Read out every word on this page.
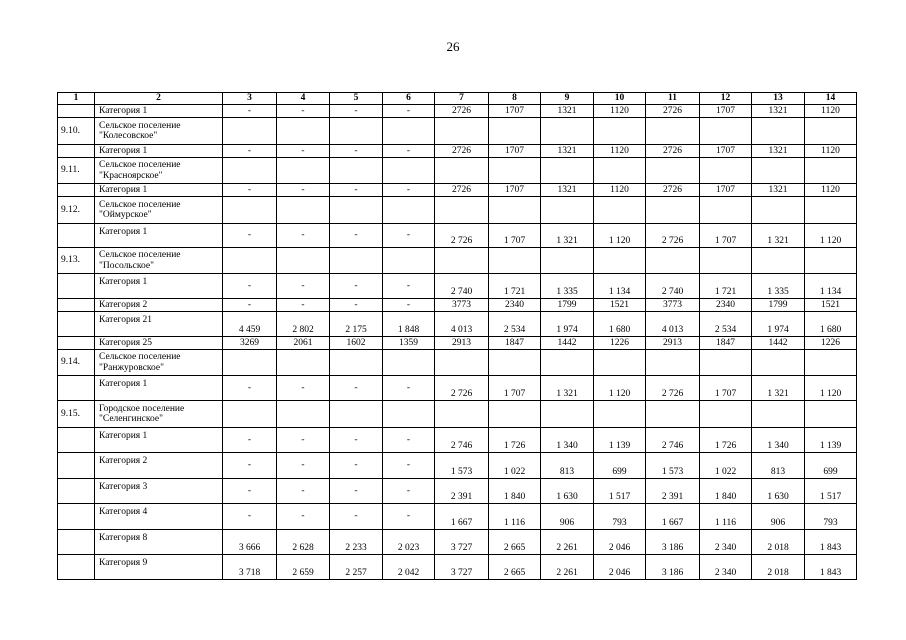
26
1	2	3	4	5	6	7	8	9	10	11	12	13	14
	Категория 1	-	-	-	-	2726	1707	1321	1120	2726	1707	1321	1120
9.10.	Сельское поселение "Колесовское"												
	Категория 1	-	-	-	-	2726	1707	1321	1120	2726	1707	1321	1120
9.11.	Сельское поселение "Красноярское"												
	Категория 1	-	-	-	-	2726	1707	1321	1120	2726	1707	1321	1120
9.12.	Сельское поселение "Оймурское"												
	Категория 1	-	-	-	-	2 726	1 707	1 321	1 120	2 726	1 707	1 321	1 120
9.13.	Сельское поселение "Посольское"												
	Категория 1	-	-	-	-	2 740	1 721	1 335	1 134	2 740	1 721	1 335	1 134
	Категория 2	-	-	-	-	3773	2340	1799	1521	3773	2340	1799	1521
	Категория 21	4 459	2 802	2 175	1 848	4 013	2 534	1 974	1 680	4 013	2 534	1 974	1 680
	Категория 25	3269	2061	1602	1359	2913	1847	1442	1226	2913	1847	1442	1226
9.14.	Сельское поселение "Ранжуровское"												
	Категория 1	-	-	-	-	2 726	1 707	1 321	1 120	2 726	1 707	1 321	1 120
9.15.	Городское поселение "Селенгинское"												
	Категория 1	-	-	-	-	2 746	1 726	1 340	1 139	2 746	1 726	1 340	1 139
	Категория 2	-	-	-	-	1 573	1 022	813	699	1 573	1 022	813	699
	Категория 3	-	-	-	-	2 391	1 840	1 630	1 517	2 391	1 840	1 630	1 517
	Категория 4	-	-	-	-	1 667	1 116	906	793	1 667	1 116	906	793
	Категория 8	3 666	2 628	2 233	2 023	3 727	2 665	2 261	2 046	3 186	2 340	2 018	1 843
	Категория 9	3 718	2 659	2 257	2 042	3 727	2 665	2 261	2 046	3 186	2 340	2 018	1 843
